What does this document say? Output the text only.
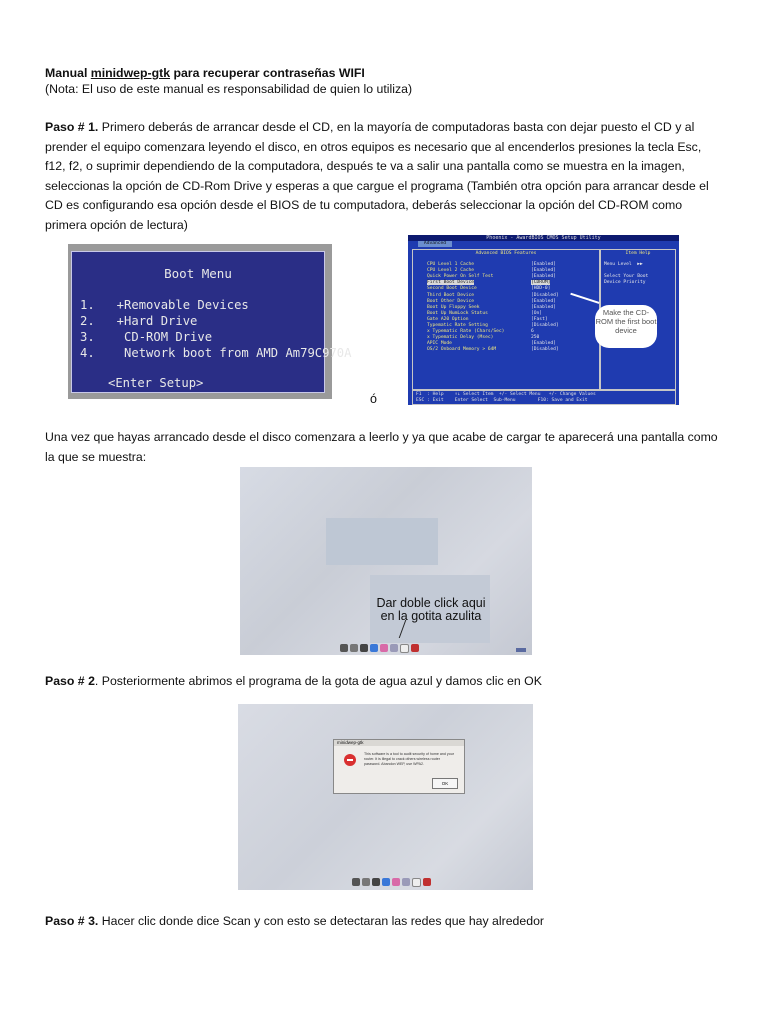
Manual minidwep-gtk para recuperar contraseñas WIFI
(Nota: El uso de este manual es responsabilidad de quien lo utiliza)
Paso # 1. Primero deberás de arrancar desde el CD, en la mayoría de computadoras basta con dejar puesto el CD y al prender el equipo comenzara leyendo el disco, en otros equipos es necesario que al encenderlos presiones la tecla Esc, f12, f2, o suprimir dependiendo de la computadora, después te va a salir una pantalla como se muestra en la imagen, seleccionas la opción de CD-Rom Drive y esperas a que cargue el programa (También otra opción para arrancar desde el CD es configurando esa opción desde el BIOS de tu computadora, deberás seleccionar la opción del CD-ROM como primera opción de lectura)
Boot Menu
1.   +Removable Devices
2.   +Hard Drive
3.    CD-ROM Drive
4.    Network boot from AMD Am79C970A
<Enter Setup>
ó
Phoenix - AwardBIOS CMOS Setup Utility
Advanced
Advanced BIOS Features
CPU Level 1 Cache	[Enabled]
CPU Level 2 Cache	[Enabled]
Quick Power On Self Test	[Enabled]
First Boot Device	[CDROM]
Second Boot Device	[HDD-0]
Third Boot Device	[Disabled]
Boot Other Device	[Enabled]
Boot Up Floppy Seek	[Enabled]
Boot Up NumLock Status	[On]
Gate A20 Option	[Fast]
Typematic Rate Setting	[Disabled]
x Typematic Rate (Chars/Sec)	6
x Typematic Delay (Msec)	250
APIC Mode	[Enabled]
OS/2 Onboard Memory > 64M	[Disabled]
Item Help
Menu Level  ▶▶
Select Your Boot
Device Priority
Make the CD-ROM the first boot device
F1  : Help    ↑↓ Select Item  +/- Select Menu   +/- Change Values
ESC : Exit    Enter Select  Sub-Menu        F10: Save and Exit
Una vez que hayas arrancado desde el disco comenzara a leerlo y ya que acabe de cargar te aparecerá una pantalla como la que se muestra:
Dar doble click aqui
en la gotita azulita
Paso # 2. Posteriormente abrimos el programa de la gota de agua azul y damos clic en OK
minidwep-gtk
This software is a tool to audit security of home and your router. It is illegal to crack others wireless router password. Abandon WEP, use WPA2.
OK
Paso # 3. Hacer clic donde dice Scan y con esto se detectaran las redes que hay alrededor
